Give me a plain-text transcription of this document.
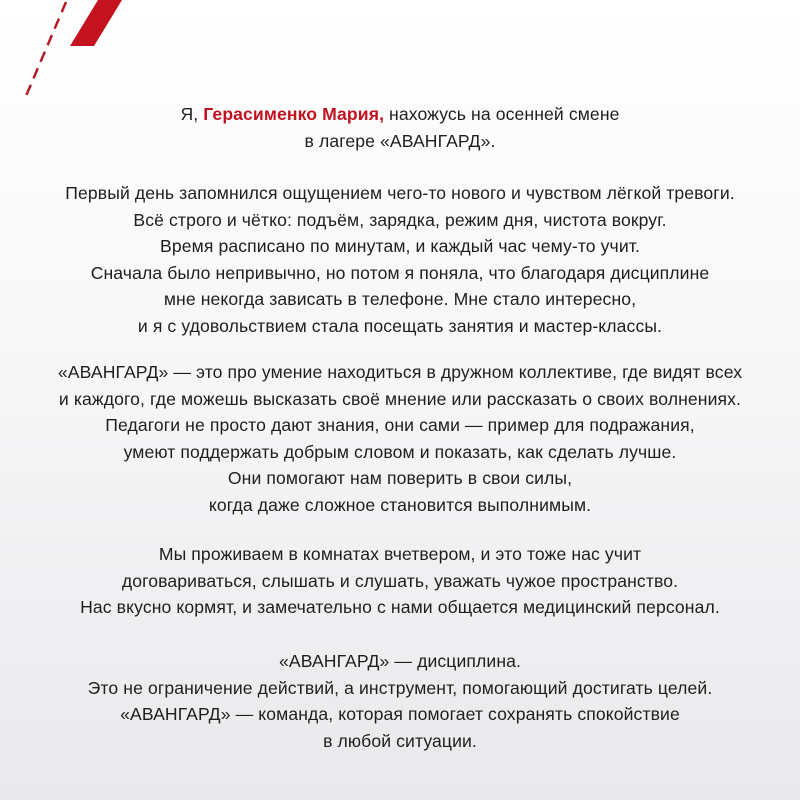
Я, Герасименко Мария, нахожусь на осенней смене
в лагере «АВАНГАРД».
Первый день запомнился ощущением чего-то нового и чувством лёгкой тревоги.
Всё строго и чётко: подъём, зарядка, режим дня, чистота вокруг.
Время расписано по минутам, и каждый час чему-то учит.
Сначала было непривычно, но потом я поняла, что благодаря дисциплине
мне некогда зависать в телефоне. Мне стало интересно,
и я с удовольствием стала посещать занятия и мастер-классы.
«АВАНГАРД» — это про умение находиться в дружном коллективе, где видят всех
и каждого, где можешь высказать своё мнение или рассказать о своих волнениях.
Педагоги не просто дают знания, они сами — пример для подражания,
умеют поддержать добрым словом и показать, как сделать лучше.
Они помогают нам поверить в свои силы,
когда даже сложное становится выполнимым.
Мы проживаем в комнатах вчетвером, и это тоже нас учит
договариваться, слышать и слушать, уважать чужое пространство.
Нас вкусно кормят, и замечательно с нами общается медицинский персонал.
«АВАНГАРД» — дисциплина.
Это не ограничение действий, а инструмент, помогающий достигать целей.
«АВАНГАРД» — команда, которая помогает сохранять спокойствие
в любой ситуации.
